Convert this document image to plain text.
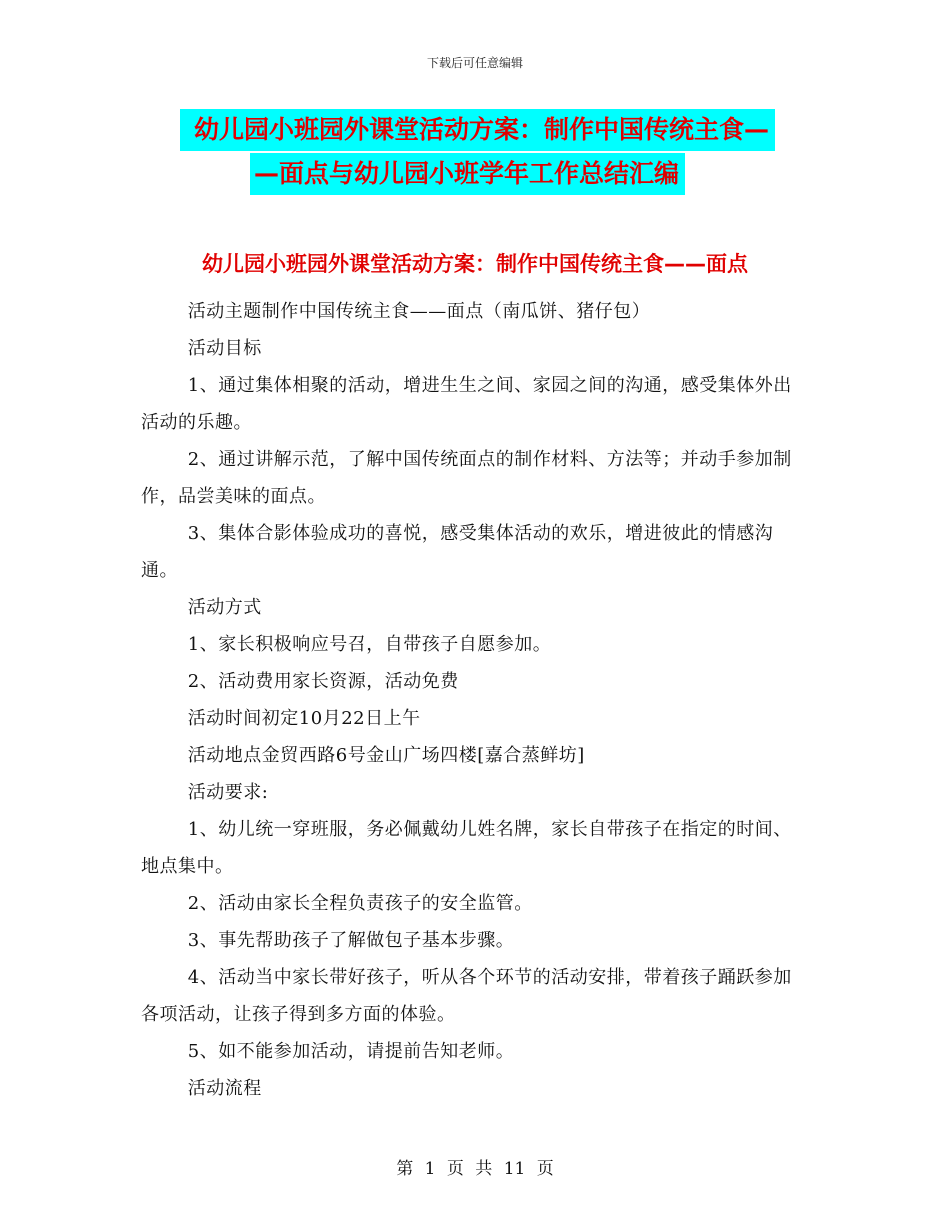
下载后可任意编辑
幼儿园小班园外课堂活动方案：制作中国传统主食—
—面点与幼儿园小班学年工作总结汇编
幼儿园小班园外课堂活动方案：制作中国传统主食——面点

活动主题制作中国传统主食——面点（南瓜饼、猪仔包）

活动目标

1、通过集体相聚的活动，增进生生之间、家园之间的沟通，感受集体外出活动的乐趣。

2、通过讲解示范，了解中国传统面点的制作材料、方法等；并动手参加制作，品尝美味的面点。

3、集体合影体验成功的喜悦，感受集体活动的欢乐，增进彼此的情感沟通。

活动方式

1、家长积极响应号召，自带孩子自愿参加。

2、活动费用家长资源，活动免费

活动时间初定10月22日上午

活动地点金贸西路6号金山广场四楼[嘉合蒸鲜坊]

活动要求:

1、幼儿统一穿班服，务必佩戴幼儿姓名牌，家长自带孩子在指定的时间、地点集中。

2、活动由家长全程负责孩子的安全监管。

3、事先帮助孩子了解做包子基本步骤。

4、活动当中家长带好孩子，听从各个环节的活动安排，带着孩子踊跃参加各项活动，让孩子得到多方面的体验。

5、如不能参加活动，请提前告知老师。

活动流程

第 1 页 共 11 页
